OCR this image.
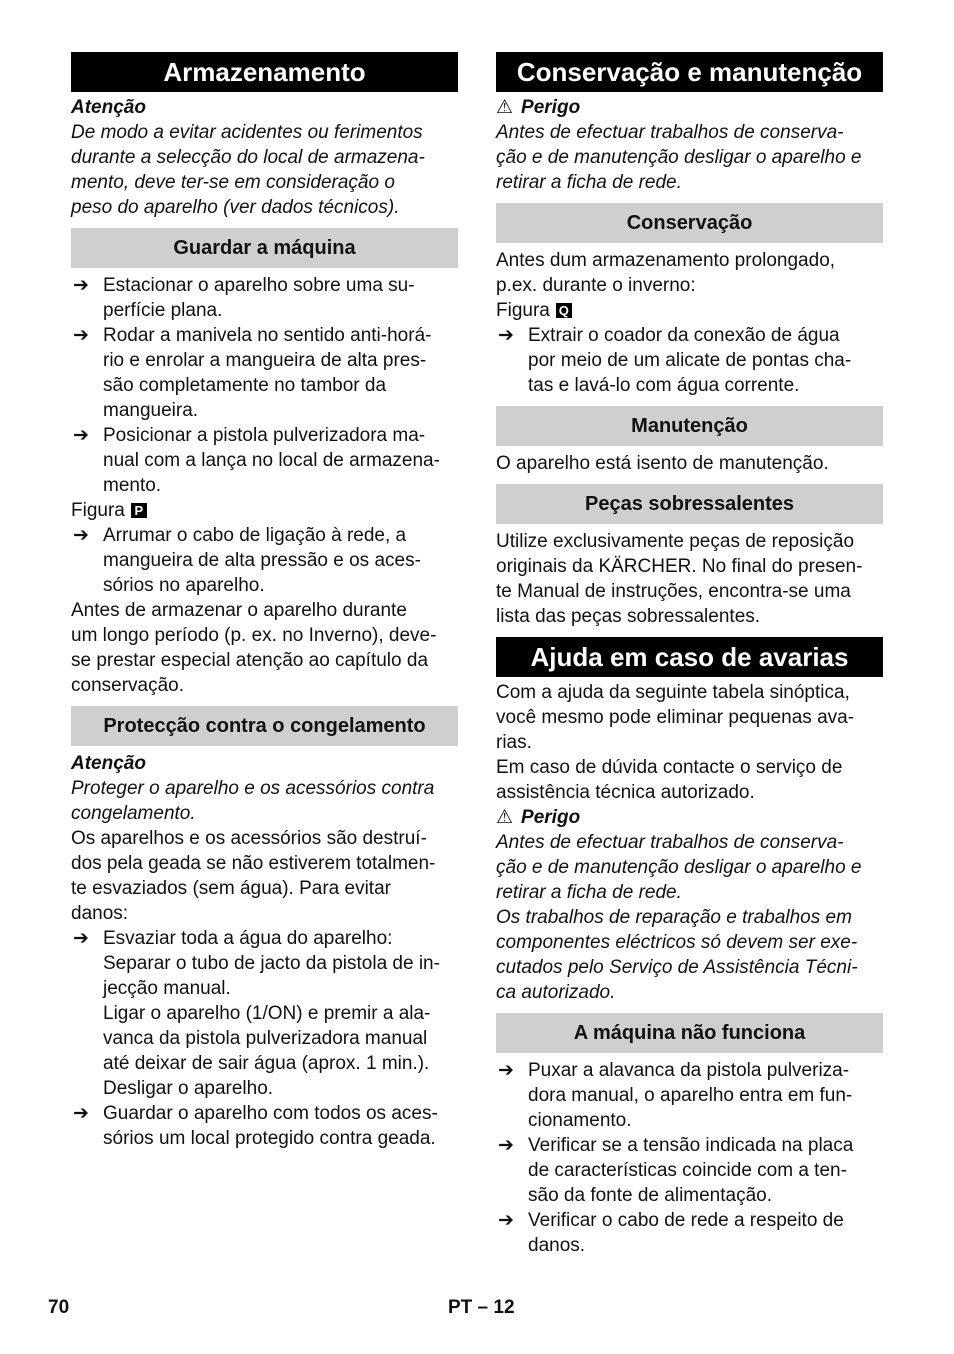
Armazenamento
Atenção
De modo a evitar acidentes ou ferimentos
durante a selecção do local de armazena-
mento, deve ter-se em consideração o
peso do aparelho (ver dados técnicos).
Guardar a máquina
➔ Estacionar o aparelho sobre uma su-
perfície plana.
➔ Rodar a manivela no sentido anti-horá-
rio e enrolar a mangueira de alta pres-
são completamente no tambor da
mangueira.
➔ Posicionar a pistola pulverizadora ma-
nual com a lança no local de armazena-
mento.
Figura P
➔ Arrumar o cabo de ligação à rede, a
mangueira de alta pressão e os aces-
sórios no aparelho.
Antes de armazenar o aparelho durante
um longo período (p. ex. no Inverno), deve-
se prestar especial atenção ao capítulo da
conservação.
Protecção contra o congelamento
Atenção
Proteger o aparelho e os acessórios contra
congelamento.
Os aparelhos e os acessórios são destruí-
dos pela geada se não estiverem totalmen-
te esvaziados (sem água). Para evitar
danos:
➔ Esvaziar toda a água do aparelho:
Separar o tubo de jacto da pistola de in-
jecção manual.
Ligar o aparelho (1/ON) e premir a ala-
vanca da pistola pulverizadora manual
até deixar de sair água (aprox. 1 min.).
Desligar o aparelho.
➔ Guardar o aparelho com todos os aces-
sórios um local protegido contra geada.
Conservação e manutenção
⚠ Perigo
Antes de efectuar trabalhos de conserva-
ção e de manutenção desligar o aparelho e
retirar a ficha de rede.
Conservação
Antes dum armazenamento prolongado,
p.ex. durante o inverno:
Figura Q
➔ Extrair o coador da conexão de água
por meio de um alicate de pontas cha-
tas e lavá-lo com água corrente.
Manutenção
O aparelho está isento de manutenção.
Peças sobressalentes
Utilize exclusivamente peças de reposição
originais da KÄRCHER. No final do presen-
te Manual de instruções, encontra-se uma
lista das peças sobressalentes.
Ajuda em caso de avarias
Com a ajuda da seguinte tabela sinóptica,
você mesmo pode eliminar pequenas ava-
rias.
Em caso de dúvida contacte o serviço de
assistência técnica autorizado.
⚠ Perigo
Antes de efectuar trabalhos de conserva-
ção e de manutenção desligar o aparelho e
retirar a ficha de rede.
Os trabalhos de reparação e trabalhos em
componentes eléctricos só devem ser exe-
cutados pelo Serviço de Assistência Técni-
ca autorizado.
A máquina não funciona
➔ Puxar a alavanca da pistola pulveriza-
dora manual, o aparelho entra em fun-
cionamento.
➔ Verificar se a tensão indicada na placa
de características coincide com a ten-
são da fonte de alimentação.
➔ Verificar o cabo de rede a respeito de
danos.
70	PT – 12
